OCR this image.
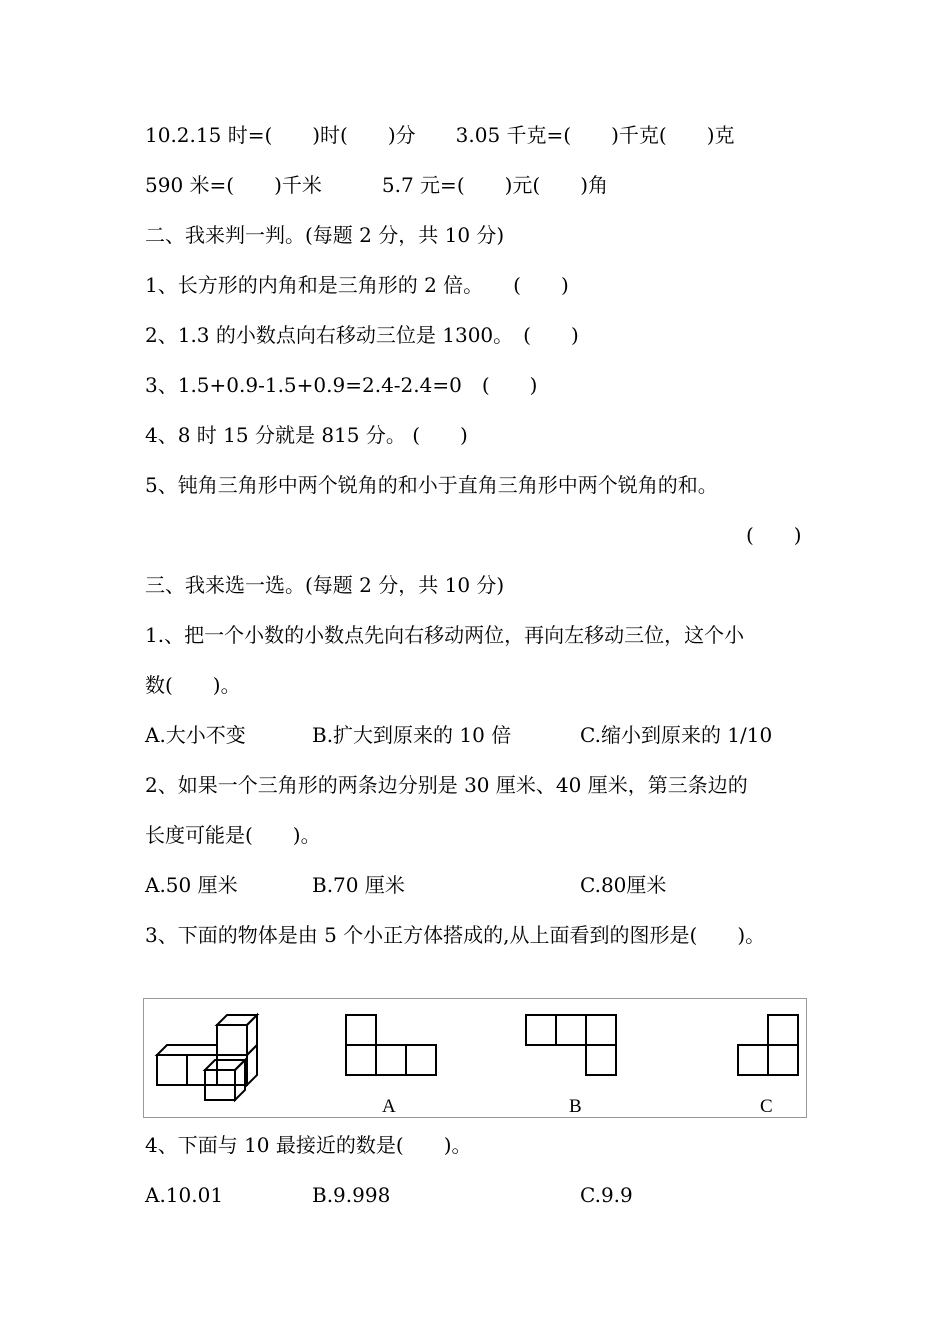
10.2.15 时=(　　)时(　　)分　　3.05 千克=(　　)千克(　　)克
590 米=(　　)千米　　　5.7 元=(　　)元(　　)角
二、我来判一判。(每题 2 分，共 10 分)
1、长方形的内角和是三角形的 2 倍。　　(　　)
2、1.3 的小数点向右移动三位是 1300。　(　　)
3、1.5+0.9-1.5+0.9=2.4-2.4=0　(　　)
4、8 时 15 分就是 815 分。 (　　)
5、钝角三角形中两个锐角的和小于直角三角形中两个锐角的和。
(　　)
三、我来选一选。(每题 2 分，共 10 分)
1.、把一个小数的小数点先向右移动两位，再向左移动三位，这个小
数(　　)。
A.大小不变	B.扩大到原来的 10 倍	C.缩小到原来的 1/10
2、如果一个三角形的两条边分别是 30 厘米、40 厘米，第三条边的
长度可能是(　　)。
A.50 厘米	B.70 厘米	C.80厘米
3、下面的物体是由 5 个小正方体搭成的,从上面看到的图形是(　　)。
A	B	C
4、下面与 10 最接近的数是(　　)。
A.10.01	B.9.998	C.9.9
